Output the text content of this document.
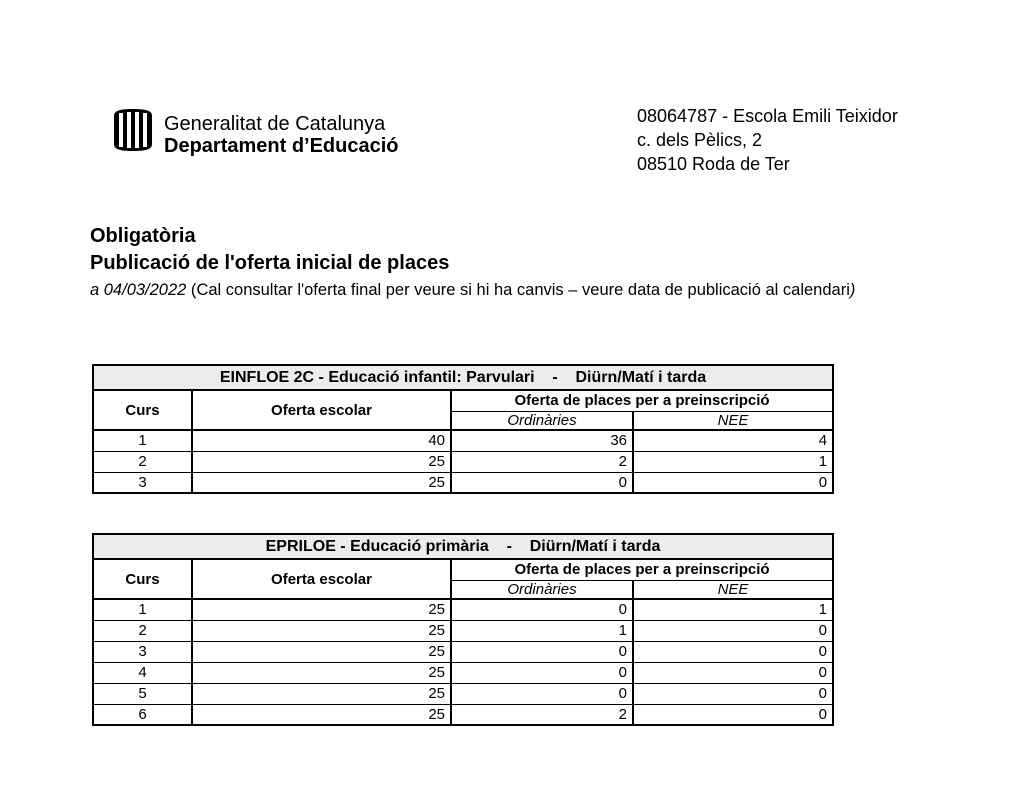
Generalitat de Catalunya
Departament d’Educació
08064787 - Escola Emili Teixidor
c. dels Pèlics, 2
08510 Roda de Ter
Obligatòria
Publicació de l'oferta inicial de places
a 04/03/2022 (Cal consultar l'oferta final per veure si hi ha canvis – veure data de publicació al calendari)
EINFLOE 2C - Educació infantil: Parvulari    -    Diürn/Matí i tarda			
Curs	Oferta escolar	Oferta de places per a preinscripció	
		Ordinàries	NEE
1	40	36	4
2	25	2	1
3	25	0	0
EPRILOE - Educació primària    -    Diürn/Matí i tarda			
Curs	Oferta escolar	Oferta de places per a preinscripció	
		Ordinàries	NEE
1	25	0	1
2	25	1	0
3	25	0	0
4	25	0	0
5	25	0	0
6	25	2	0
